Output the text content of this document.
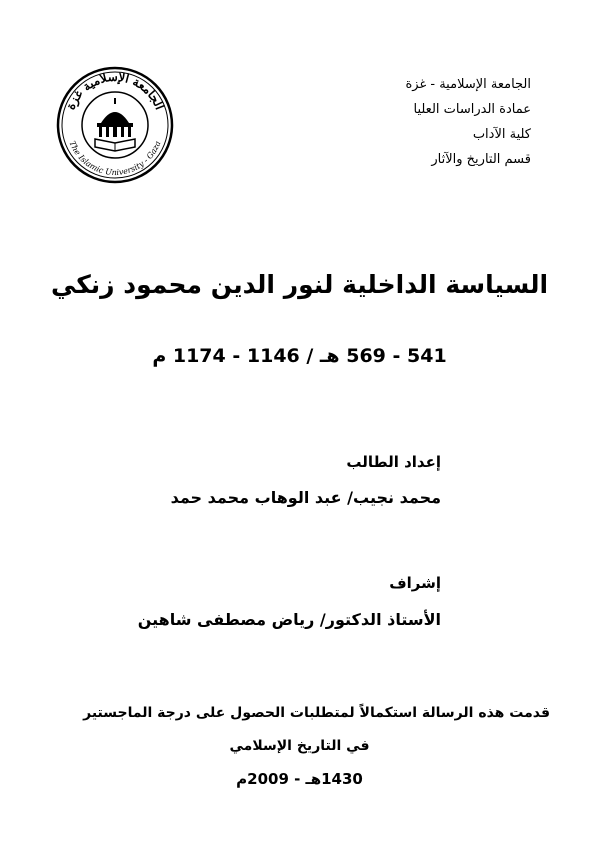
الجامعة الإسلامية - غزة
عمادة الدراسات العليا
كلية الآداب
قسم التاريخ والآثار
الجامعة الإسلامية غزة
The Islamic University - Gaza
السياسة الداخلية لنور الدين محمود زنكي
541 - 569 هـ / 1146 - 1174 م
إعداد الطالب
محمد نجيب/ عبد الوهاب محمد حمد
إشراف
الأستاذ الدكتور/ رياض مصطفى شاهين
قدمت هذه الرسالة استكمالاً لمتطلبات الحصول على درجة الماجستير
في التاريخ الإسلامي
1430هـ - 2009م
